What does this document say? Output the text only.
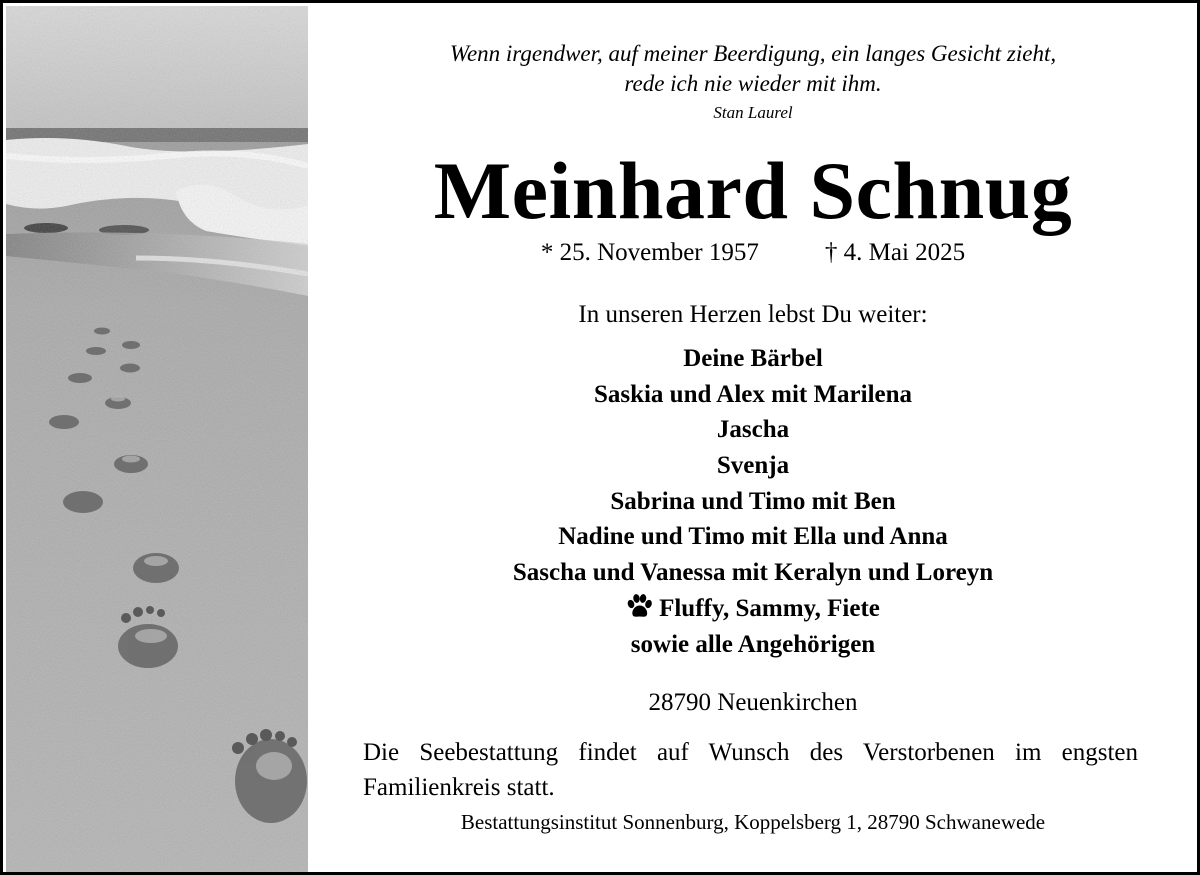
Wenn irgendwer, auf meiner Beerdigung, ein langes Gesicht zieht,
rede ich nie wieder mit ihm.
Stan Laurel
Meinhard Schnug
* 25. November 1957	† 4. Mai 2025
In unseren Herzen lebst Du weiter:
Deine Bärbel
Saskia und Alex mit Marilena
Jascha
Svenja
Sabrina und Timo mit Ben
Nadine und Timo mit Ella und Anna
Sascha und Vanessa mit Keralyn und Loreyn
Fluffy, Sammy, Fiete
sowie alle Angehörigen
28790 Neuenkirchen
Die Seebestattung findet auf Wunsch des Verstorbenen im engsten Familienkreis statt.
Bestattungsinstitut Sonnenburg, Koppelsberg 1, 28790 Schwanewede
